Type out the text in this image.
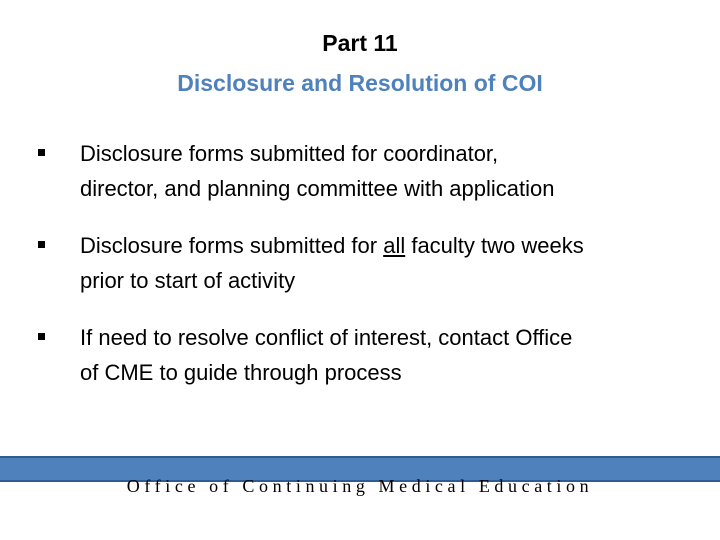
Part 11
Disclosure and Resolution of COI
Disclosure forms submitted for coordinator,
director, and planning committee with application
Disclosure forms submitted for all faculty two weeks
prior to start of activity
If need to resolve conflict of interest, contact Office
of CME to guide through process
Office of Continuing Medical Education
